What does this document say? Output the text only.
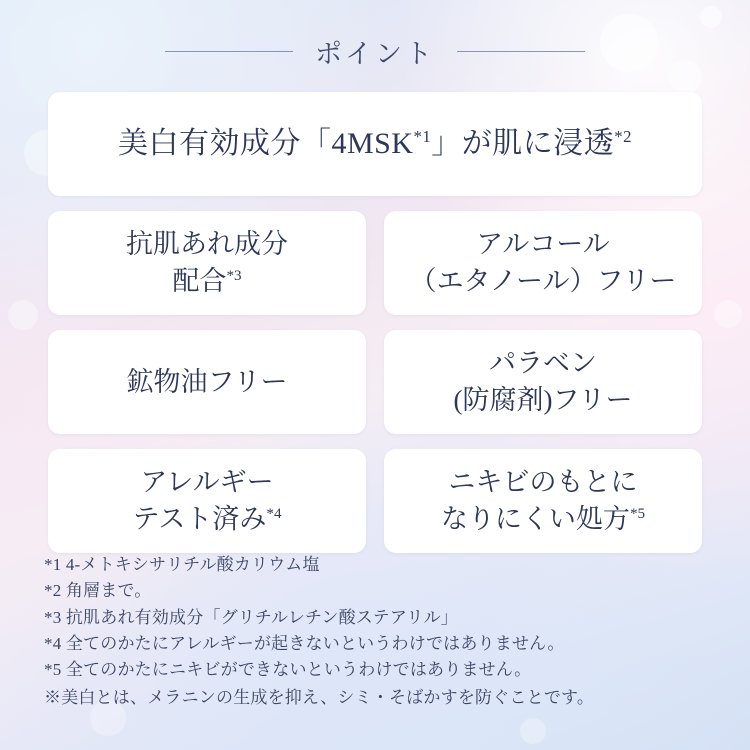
ポイント
美白有効成分「4MSK$^{*1}$」が肌に浸透$^{*2}$
抗肌あれ成分
配合$^{*3}$
アルコール
（エタノール）フリー
鉱物油フリー
パラベン
(防腐剤)フリー
アレルギー
テスト済み$^{*4}$
ニキビのもとに
なりにくい処方$^{*5}$
*1 4-メトキシサリチル酸カリウム塩
*2 角層まで。
*3 抗肌あれ有効成分「グリチルレチン酸ステアリル」
*4 全てのかたにアレルギーが起きないというわけではありません。
*5 全てのかたにニキビができないというわけではありません。
※美白とは、メラニンの生成を抑え、シミ・そばかすを防ぐことです。
